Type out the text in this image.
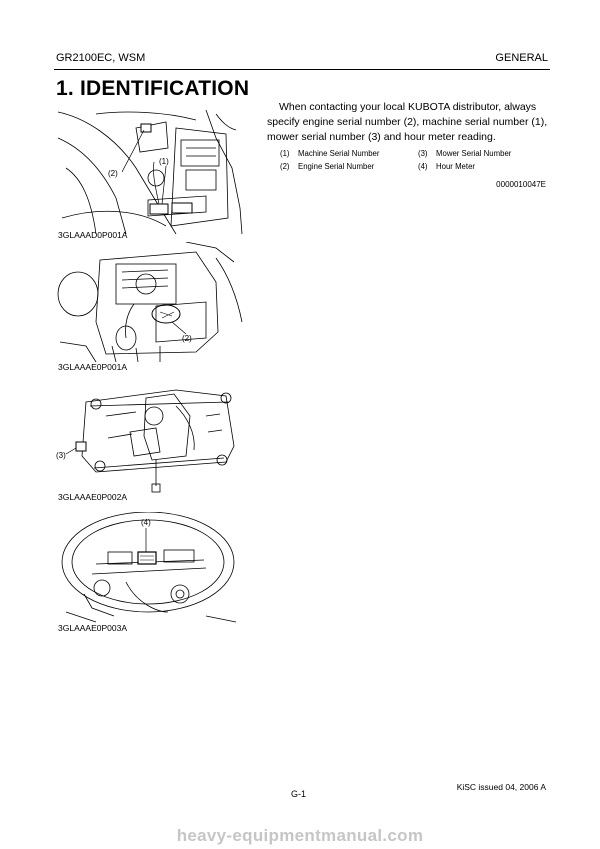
GR2100EC, WSM	GENERAL
1. IDENTIFICATION
(2)
(1)
3GLAAAD0P001A
(2)
3GLAAAE0P001A
(3)
3GLAAAE0P002A
(4)
3GLAAAE0P003A

When contacting your local KUBOTA distributor, always specify engine serial number (2), machine serial number (1), mower serial number (3) and hour meter reading.

(1) Machine Serial Number
(2) Engine Serial Number
(3) Mower Serial Number
(4) Hour Meter
0000010047E
KiSC issued 04, 2006 A
G-1
heavy-equipmentmanual.com
